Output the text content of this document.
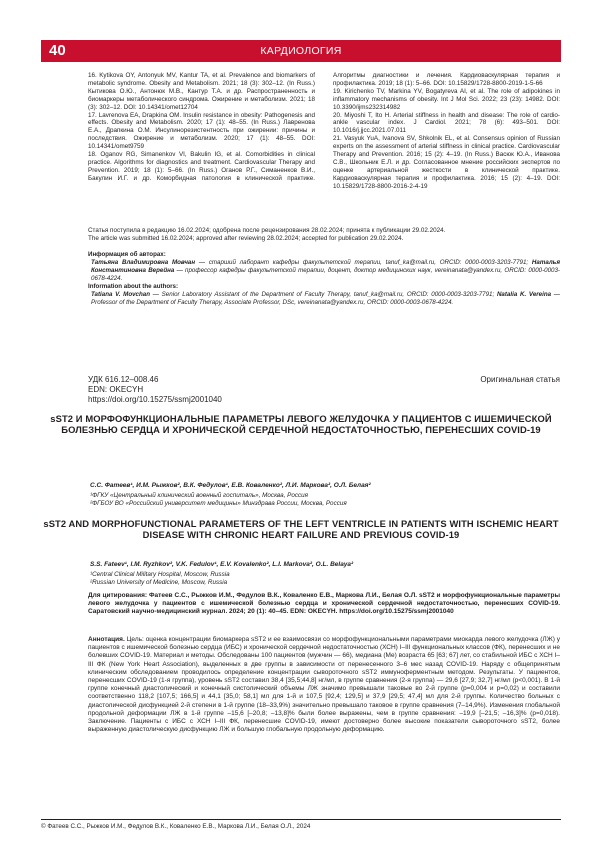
40	КАРДИОЛОГИЯ

16. Kytikova OY, Antonyuk MV, Kantur TA, et al. Prevalence and biomarkers of metabolic syndrome. Obesity and Metabolism. 2021; 18 (3): 302–12. (In Russ.) Кытикова О.Ю., Антонюк М.В., Кантур Т.А. и др. Распространенность и биомаркеры метаболического синдрома. Ожирение и метаболизм. 2021; 18 (3): 302–12. DOI: 10.14341/omet12704

17. Lavrenova EA, Drapkina OM. Insulin resistance in obesity: Pathogenesis and effects. Obesity and Metabolism. 2020; 17 (1): 48–55. (In Russ.) Лавренова Е.А., Драпкина О.М. Инсулинорезистентность при ожирении: причины и последствия. Ожирение и метаболизм. 2020; 17 (1): 48–55. DOI: 10.14341/omet9759

18. Oganov RG, Simanenkov VI, Bakulin IG, et al. Comorbidities in clinical practice. Algorithms for diagnostics and treatment. Cardiovascular Therapy and Prevention. 2019; 18 (1): 5–66. (In Russ.) Оганов Р.Г., Симаненков В.И., Бакулин И.Г. и др. Коморбидная патология в клинической практике. Алгоритмы диагностики и лечения. Кардиоваскулярная терапия и профилактика. 2019; 18 (1): 5–66. DOI: 10.15829/1728-8800-2019-1-5-66

19. Kirichenko TV, Markina YV, Bogatyreva AI, et al. The role of adipokines in inflammatory mechanisms of obesity. Int J Mol Sci. 2022; 23 (23): 14982. DOI: 10.3390/ijms232314982

20. Miyoshi T, Ito H. Arterial stiffness in health and disease: The role of cardio-ankle vascular index. J Cardiol. 2021; 78 (6): 493–501. DOI: 10.1016/j.jjcc.2021.07.011

21. Vasyuk YuA, Ivanova SV, Shkolnik EL, et al. Consensus opinion of Russian experts on the assessment of arterial stiffness in clinical practice. Cardiovascular Therapy and Prevention. 2016; 15 (2): 4–19. (In Russ.) Васюк Ю.А., Иванова С.В., Школьник Е.Л. и др. Согласованное мнение российских экспертов по оценке артериальной жесткости в клинической практике. Кардиоваскулярная терапия и профилактика. 2016; 15 (2): 4–19. DOI: 10.15829/1728-8800-2016-2-4-19

Статья поступила в редакцию 16.02.2024; одобрена после рецензирования 28.02.2024; принята к публикации 29.02.2024.
The article was submitted 16.02.2024; approved after reviewing 28.02.2024; accepted for publication 29.02.2024.
Информация об авторах:
Татьяна Владимировна Мовчан — старший лаборант кафедры факультетской терапии, tanuf_ka@mail.ru, ORCID: 0000-0003-3203-7791; Наталья Константиновна Верейна — профессор кафедры факультетской терапии, доцент, доктор медицинских наук, vereinanata@yandex.ru, ORCID: 0000-0003-0678-4224.
Information about the authors:
Tatiana V. Movchan — Senior Laboratory Assistant of the Department of Faculty Therapy, tanuf_ka@mail.ru, ORCID: 0000-0003-3203-7791; Natalia K. Vereina — Professor of the Department of Faculty Therapy, Associate Professor, DSc, vereinanata@yandex.ru, ORCID: 0000-0003-0678-4224.
УДК 616.12–008.46
EDN: OKECYH
https://doi.org/10.15275/ssmj2001040
Оригинальная статья
sST2 И МОРФОФУНКЦИОНАЛЬНЫЕ ПАРАМЕТРЫ ЛЕВОГО ЖЕЛУДОЧКА У ПАЦИЕНТОВ С ИШЕМИЧЕСКОЙ БОЛЕЗНЬЮ СЕРДЦА И ХРОНИЧЕСКОЙ СЕРДЕЧНОЙ НЕДОСТАТОЧНОСТЬЮ, ПЕРЕНЕСШИХ COVID-19
С.С. Фатеев¹, И.М. Рыжков², В.К. Федулов¹, Е.В. Коваленко², Л.И. Маркова², О.Л. Белая²
¹ФГКУ «Центральный клинический военный госпиталь», Москва, Россия
²ФГБОУ ВО «Российский университет медицины» Минздрава России, Москва, Россия
sST2 AND MORPHOFUNCTIONAL PARAMETERS OF THE LEFT VENTRICLE IN PATIENTS WITH ISCHEMIC HEART DISEASE WITH CHRONIC HEART FAILURE AND PREVIOUS COVID-19
S.S. Fateev¹, I.M. Ryzhkov², V.K. Fedulov¹, E.V. Kovalenko², L.I. Markova², O.L. Belaya²
¹Central Clinical Military Hospital, Moscow, Russia
²Russian University of Medicine, Moscow, Russia
Для цитирования: Фатеев С.С., Рыжков И.М., Федулов В.К., Коваленко Е.В., Маркова Л.И., Белая О.Л. sST2 и морфофункциональные параметры левого желудочка у пациентов с ишемической болезнью сердца и хронической сердечной недостаточностью, перенесших COVID-19. Саратовский научно-медицинский журнал. 2024; 20 (1): 40–45. EDN: OKECYH. https://doi.org/10.15275/ssmj2001040
Аннотация. Цель: оценка концентрации биомаркера sST2 и ее взаимосвязи со морфофункциональными параметрами миокарда левого желудочка (ЛЖ) у пациентов с ишемической болезнью сердца (ИБС) и хронической сердечной недостаточностью (ХСН) I–III функциональных классов (ФК), перенесших и не болевших COVID-19. Материал и методы. Обследованы 100 пациентов (мужчин — 66), медиана (Me) возраста 65 [63; 67] лет, со стабильной ИБС с ХСН I–III ФК (New York Heart Association), выделенных в две группы в зависимости от перенесенного 3–6 мес назад COVID-19. Наряду с общепринятым клиническим обследованием проводилось определение концентрации сывороточного sST2 иммуноферментным методом. Результаты. У пациентов, перенесших COVID-19 (1-я группа), уровень sST2 составил 38,4 [35,5;44,8] нг/мл, в группе сравнения (2-я группа) — 29,6 [27,9; 32,7] нг/мл (p<0,001). В 1-й группе конечный диастолический и конечный систолический объемы ЛЖ значимо превышали таковые во 2-й группе (p=0,004 и p=0,02) и составили соответственно 118,2 [107,5; 166,5] и 44,1 [35,0; 58,1] мл для 1-й и 107,5 [92,4; 129,5] и 37,9 [29,5; 47,4] мл для 2-й группы. Количество больных с диастолической дисфункцией 2-й степени в 1-й группе (18–33,9%) значительно превышало таковое в группе сравнения (7–14,9%). Изменения глобальной продольной деформации ЛЖ в 1-й группе –15,6 [–20,8; –13,8]% были более выражены, чем в группе сравнения: –19,9 [–21,5; –16,3]% (p=0,018). Заключение. Пациенты с ИБС с ХСН I–III ФК, перенесшие COVID-19, имеют достоверно более высокие показатели сывороточного sST2, более выраженную диастолическую дисфункцию ЛЖ и большую глобальную продольную деформацию.
© Фатеев С.С., Рыжков И.М., Федулов В.К., Коваленко Е.В., Маркова Л.И., Белая О.Л., 2024
